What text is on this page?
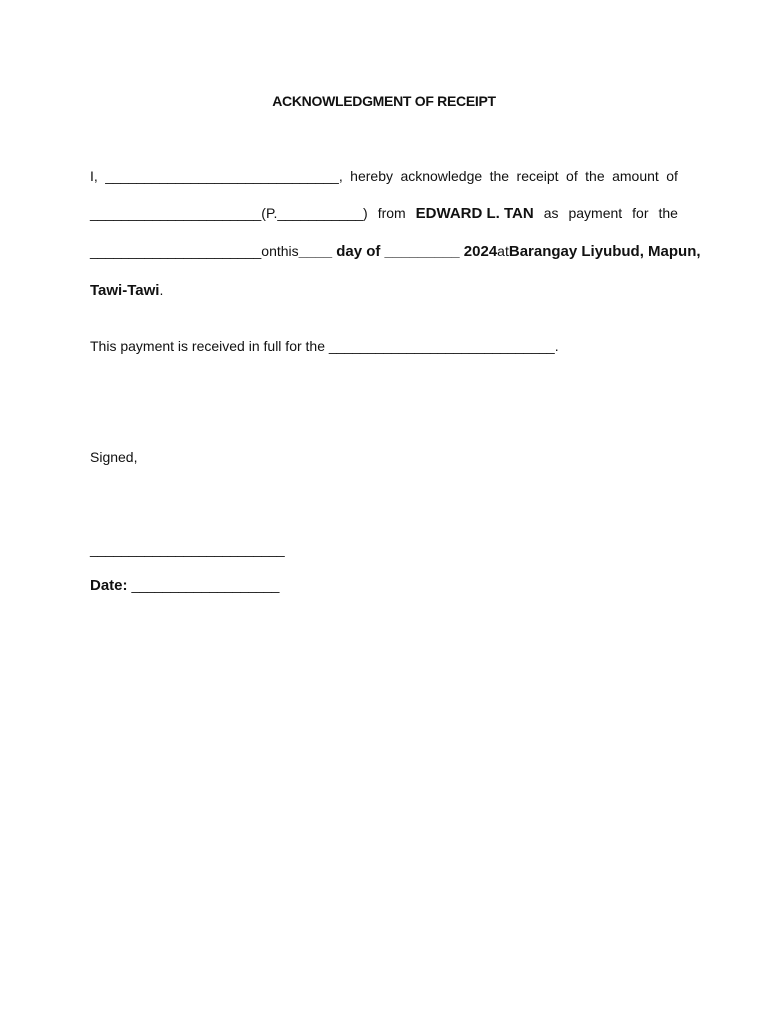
ACKNOWLEDGMENT OF RECEIPT
I, ______________________________, hereby acknowledge the receipt of the amount of
______________________(P.___________) from EDWARD L. TAN as payment for the
______________________ on this ____ day of _________ 2024 at Barangay Liyubud, Mapun,
Tawi-Tawi.
This payment is received in full for the _____________________________.
Signed,
_________________________
Date: ___________________
